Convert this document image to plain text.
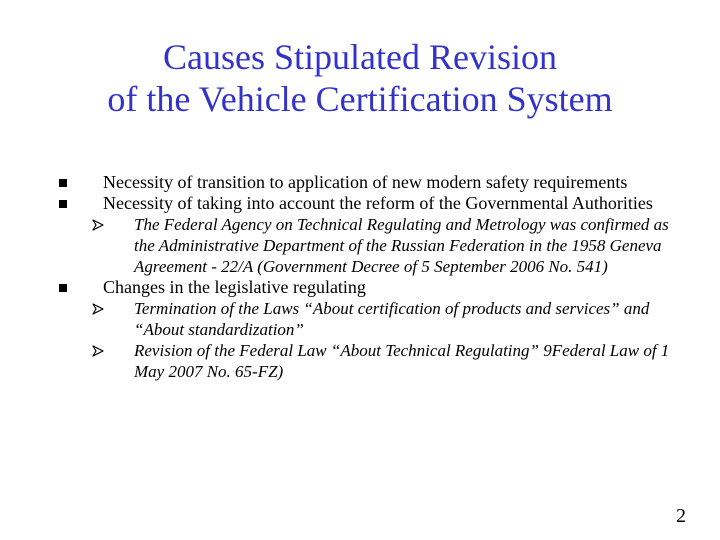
Causes Stipulated Revision
of the Vehicle Certification System
Necessity of transition to application of new modern safety requirements
Necessity of taking into account the reform of the Governmental Authorities
The Federal Agency on Technical Regulating and Metrology was confirmed as the Administrative Department of the Russian Federation in the 1958 Geneva Agreement - 22/A (Government Decree of 5 September 2006 No. 541)
Changes in the legislative regulating
Termination of the Laws “About certification of products and services” and “About standardization”
Revision of the Federal Law “About Technical Regulating” 9Federal Law of 1 May 2007 No. 65-FZ)
2
